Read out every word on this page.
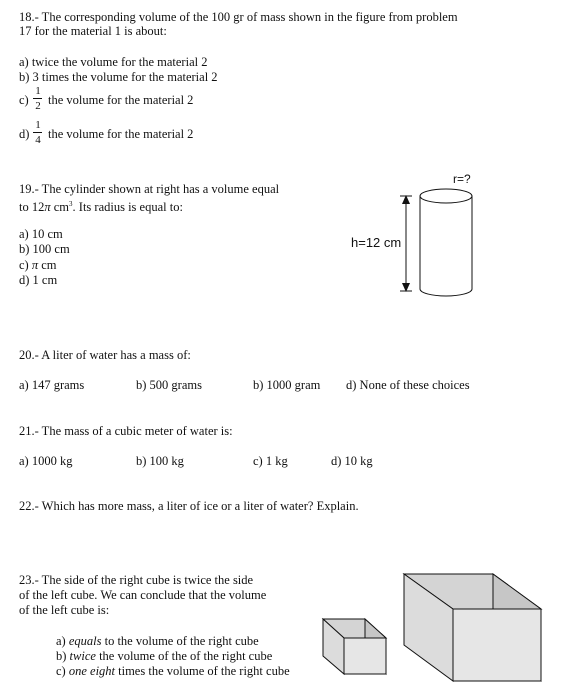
18.- The corresponding volume of the 100 gr of mass shown in the figure from problem
17 for the material 1 is about:
a) twice the volume for the material 2
b) 3 times the volume for the material 2
c)
1
2 the volume for the material 2
d)
1
4 the volume for the material 2
19.- The cylinder shown at right has a volume equal
to 12π $cm^3$. Its radius is equal to:
a) 10 cm
b) 100 cm
c) π cm
d) 1 cm
r=?
h=12 cm
20.- A liter of water has a mass of:
a) 147 grams	b) 500 grams	b) 1000 gram d) None of these choices
21.- The mass of a cubic meter of water is:
a) 1000 kg	b) 100 kg	c) 1 kg	d) 10 kg
22.- Which has more mass, a liter of ice or a liter of water? Explain.
23.- The side of the right cube is twice the side
of the left cube. We can conclude that the volume
of the left cube is:
a) equals to the volume of the right cube
b) twice the volume of the of the right cube
c) one eight times the volume of the right cube
